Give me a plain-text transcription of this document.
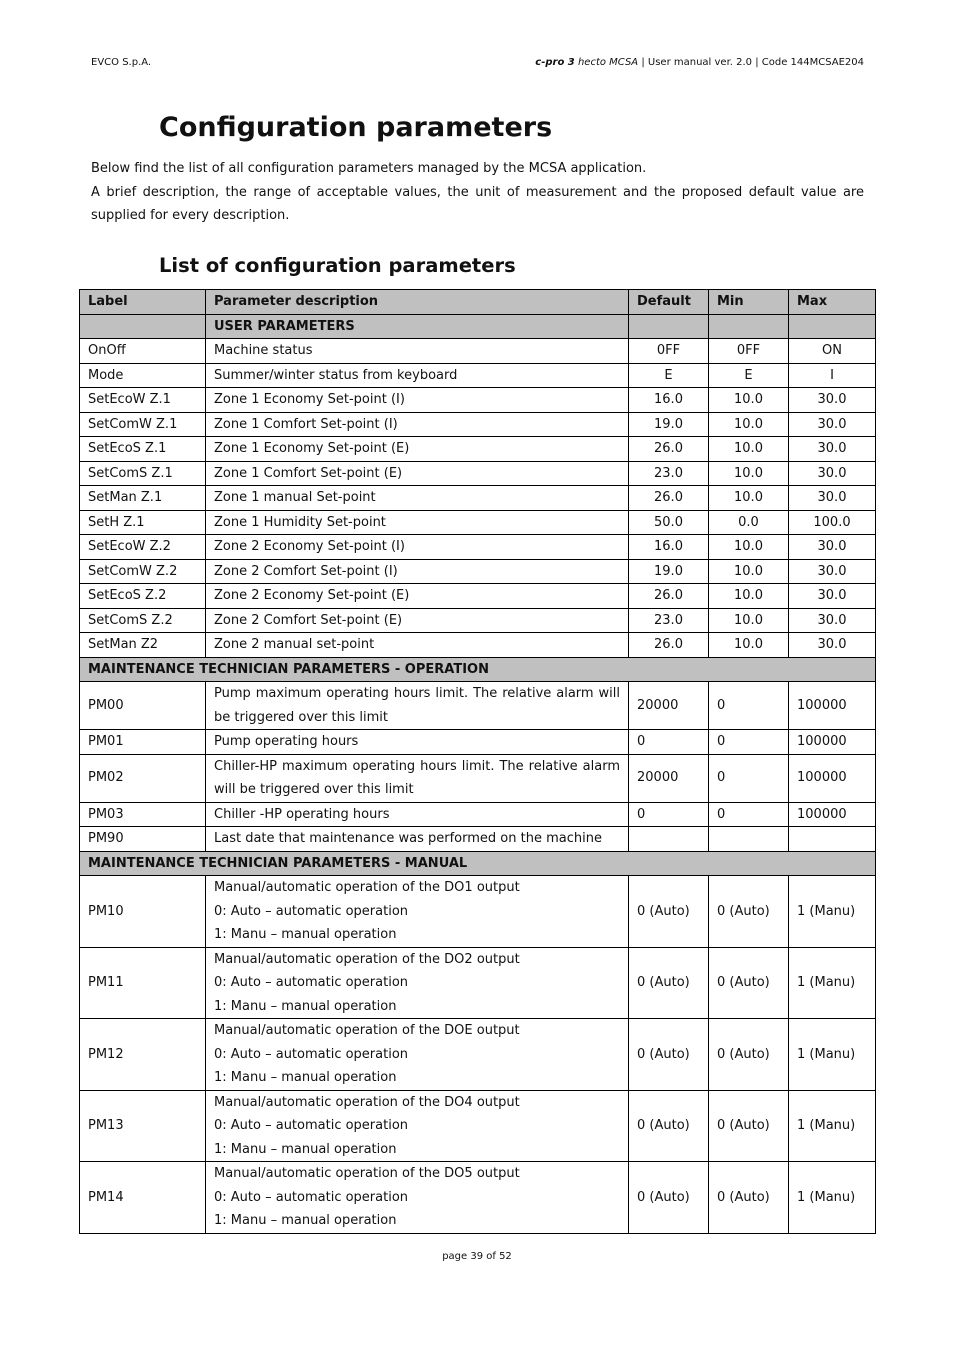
EVCO S.p.A.	c-pro 3 hecto MCSA | User manual ver. 2.0 | Code 144MCSAE204
Configuration parameters

Below find the list of all configuration parameters managed by the MCSA application.

A brief description, the range of acceptable values, the unit of measurement and the proposed default value are supplied for every description.

List of configuration parameters
Label	Parameter description	Default	Min	Max
	USER PARAMETERS			
OnOff	Machine status	0FF	0FF	ON
Mode	Summer/winter status from keyboard	E	E	I
SetEcoW Z.1	Zone 1 Economy Set-point (I)	16.0	10.0	30.0
SetComW Z.1	Zone 1 Comfort Set-point (I)	19.0	10.0	30.0
SetEcoS Z.1	Zone 1 Economy Set-point (E)	26.0	10.0	30.0
SetComS Z.1	Zone 1 Comfort Set-point (E)	23.0	10.0	30.0
SetMan Z.1	Zone 1 manual Set-point	26.0	10.0	30.0
SetH Z.1	Zone 1 Humidity Set-point	50.0	0.0	100.0
SetEcoW Z.2	Zone 2 Economy Set-point (I)	16.0	10.0	30.0
SetComW Z.2	Zone 2 Comfort Set-point (I)	19.0	10.0	30.0
SetEcoS Z.2	Zone 2 Economy Set-point (E)	26.0	10.0	30.0
SetComS Z.2	Zone 2 Comfort Set-point (E)	23.0	10.0	30.0
SetMan Z2	Zone 2 manual set-point	26.0	10.0	30.0
MAINTENANCE TECHNICIAN PARAMETERS - OPERATION				
PM00	Pump maximum operating hours limit. The relative alarm will be triggered over this limit	20000	0	100000
PM01	Pump operating hours	0	0	100000
PM02	Chiller-HP maximum operating hours limit. The relative alarm will be triggered over this limit	20000	0	100000
PM03	Chiller -HP operating hours	0	0	100000
PM90	Last date that maintenance was performed on the machine			
MAINTENANCE TECHNICIAN PARAMETERS - MANUAL				
PM10	Manual/automatic operation of the DO1 output
0: Auto – automatic operation
1: Manu – manual operation	0 (Auto)	0 (Auto)	1 (Manu)
PM11	Manual/automatic operation of the DO2 output
0: Auto – automatic operation
1: Manu – manual operation	0 (Auto)	0 (Auto)	1 (Manu)
PM12	Manual/automatic operation of the DOE output
0: Auto – automatic operation
1: Manu – manual operation	0 (Auto)	0 (Auto)	1 (Manu)
PM13	Manual/automatic operation of the DO4 output
0: Auto – automatic operation
1: Manu – manual operation	0 (Auto)	0 (Auto)	1 (Manu)
PM14	Manual/automatic operation of the DO5 output
0: Auto – automatic operation
1: Manu – manual operation	0 (Auto)	0 (Auto)	1 (Manu)
page 39 of 52
